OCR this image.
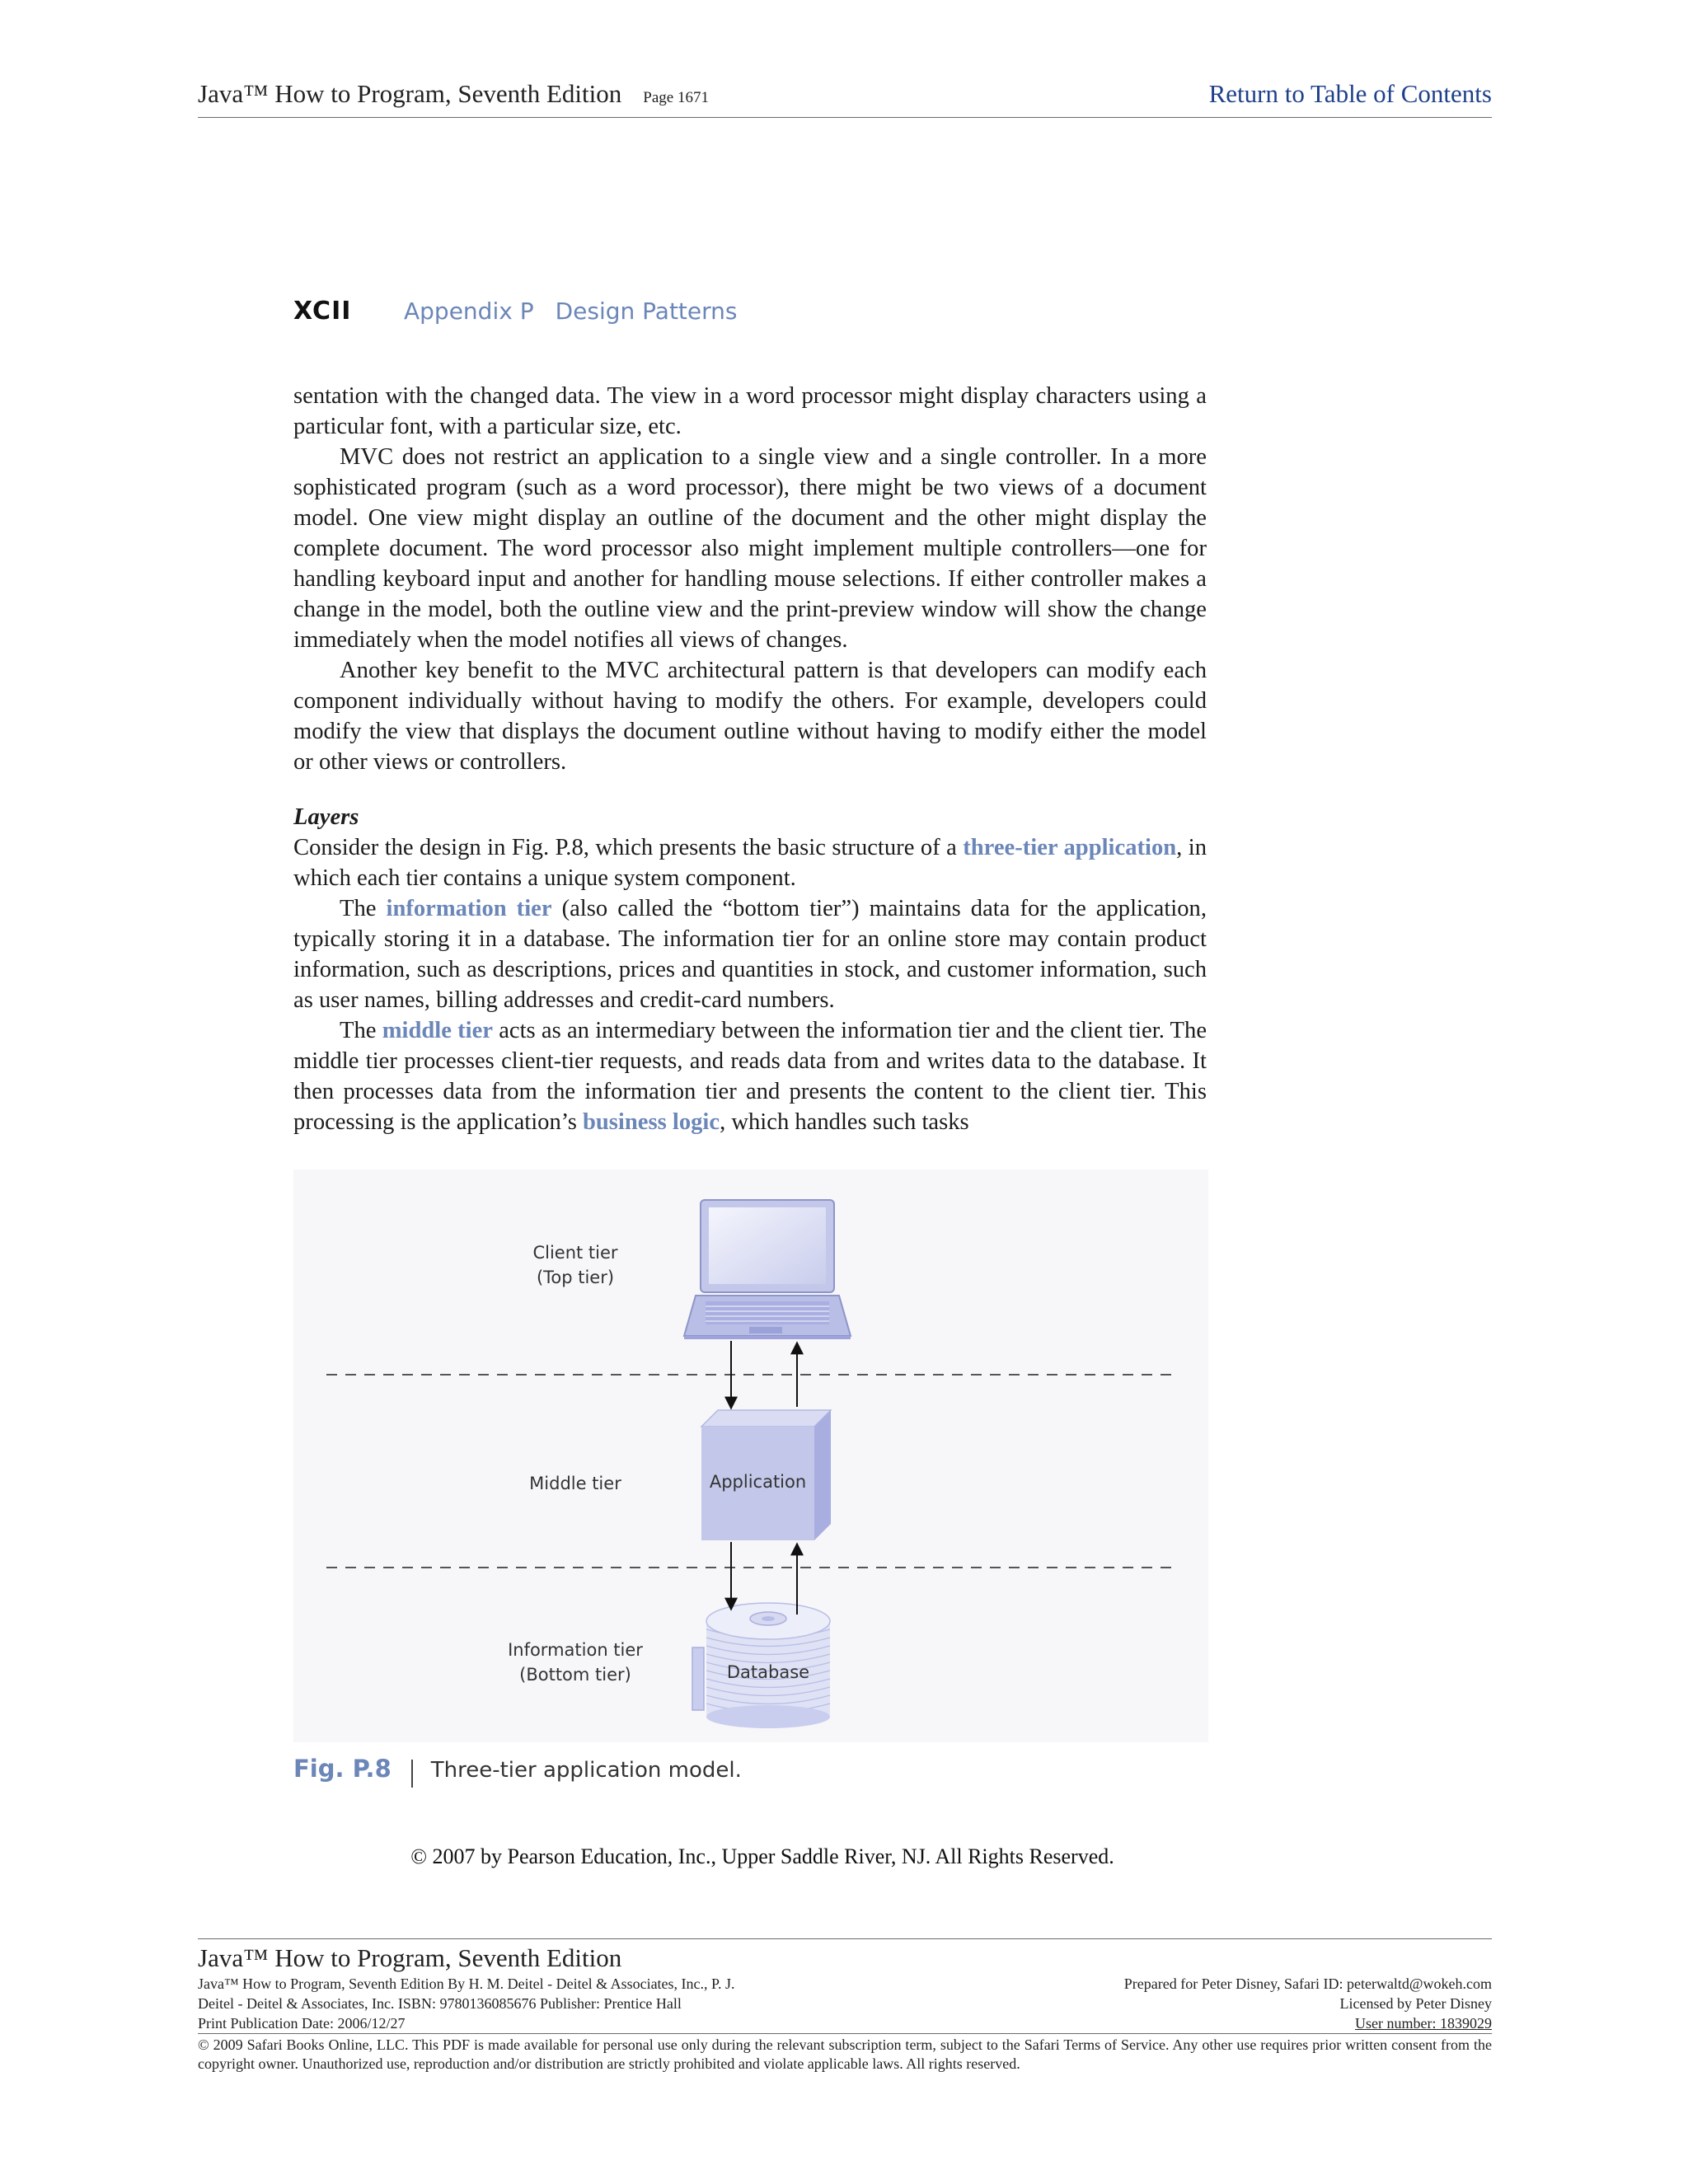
Java™ How to Program, Seventh Edition Page 1671	Return to Table of Contents
XCII Appendix P Design Patterns

sentation with the changed data. The view in a word processor might display characters using a particular font, with a particular size, etc.

MVC does not restrict an application to a single view and a single controller. In a more sophisticated program (such as a word processor), there might be two views of a document model. One view might display an outline of the document and the other might display the complete document. The word processor also might implement multiple controllers—one for handling keyboard input and another for handling mouse selections. If either controller makes a change in the model, both the outline view and the print-preview window will show the change immediately when the model notifies all views of changes.

Another key benefit to the MVC architectural pattern is that developers can modify each component individually without having to modify the others. For example, developers could modify the view that displays the document outline without having to modify either the model or other views or controllers.

Layers

Consider the design in Fig. P.8, which presents the basic structure of a three-tier application, in which each tier contains a unique system component.

The information tier (also called the “bottom tier”) maintains data for the application, typically storing it in a database. The information tier for an online store may contain product information, such as descriptions, prices and quantities in stock, and customer information, such as user names, billing addresses and credit-card numbers.

The middle tier acts as an intermediary between the information tier and the client tier. The middle tier processes client-tier requests, and reads data from and writes data to the database. It then processes data from the information tier and presents the content to the client tier. This processing is the application’s business logic, which handles such tasks

Client tier
(Top tier)
Middle tier
Information tier
(Bottom tier)
Application
Database
Fig. P.8 Three-tier application model.
© 2007 by Pearson Education, Inc., Upper Saddle River, NJ. All Rights Reserved.
Java™ How to Program, Seventh Edition
Java™ How to Program, Seventh Edition By H. M. Deitel - Deitel & Associates, Inc., P. J.	Prepared for Peter Disney, Safari ID: peterwaltd@wokeh.com
Deitel - Deitel & Associates, Inc. ISBN: 9780136085676 Publisher: Prentice Hall	Licensed by Peter Disney
Print Publication Date: 2006/12/27	User number: 1839029
© 2009 Safari Books Online, LLC. This PDF is made available for personal use only during the relevant subscription term, subject to the Safari Terms of Service. Any other use requires prior written consent from the copyright owner. Unauthorized use, reproduction and/or distribution are strictly prohibited and violate applicable laws. All rights reserved.
